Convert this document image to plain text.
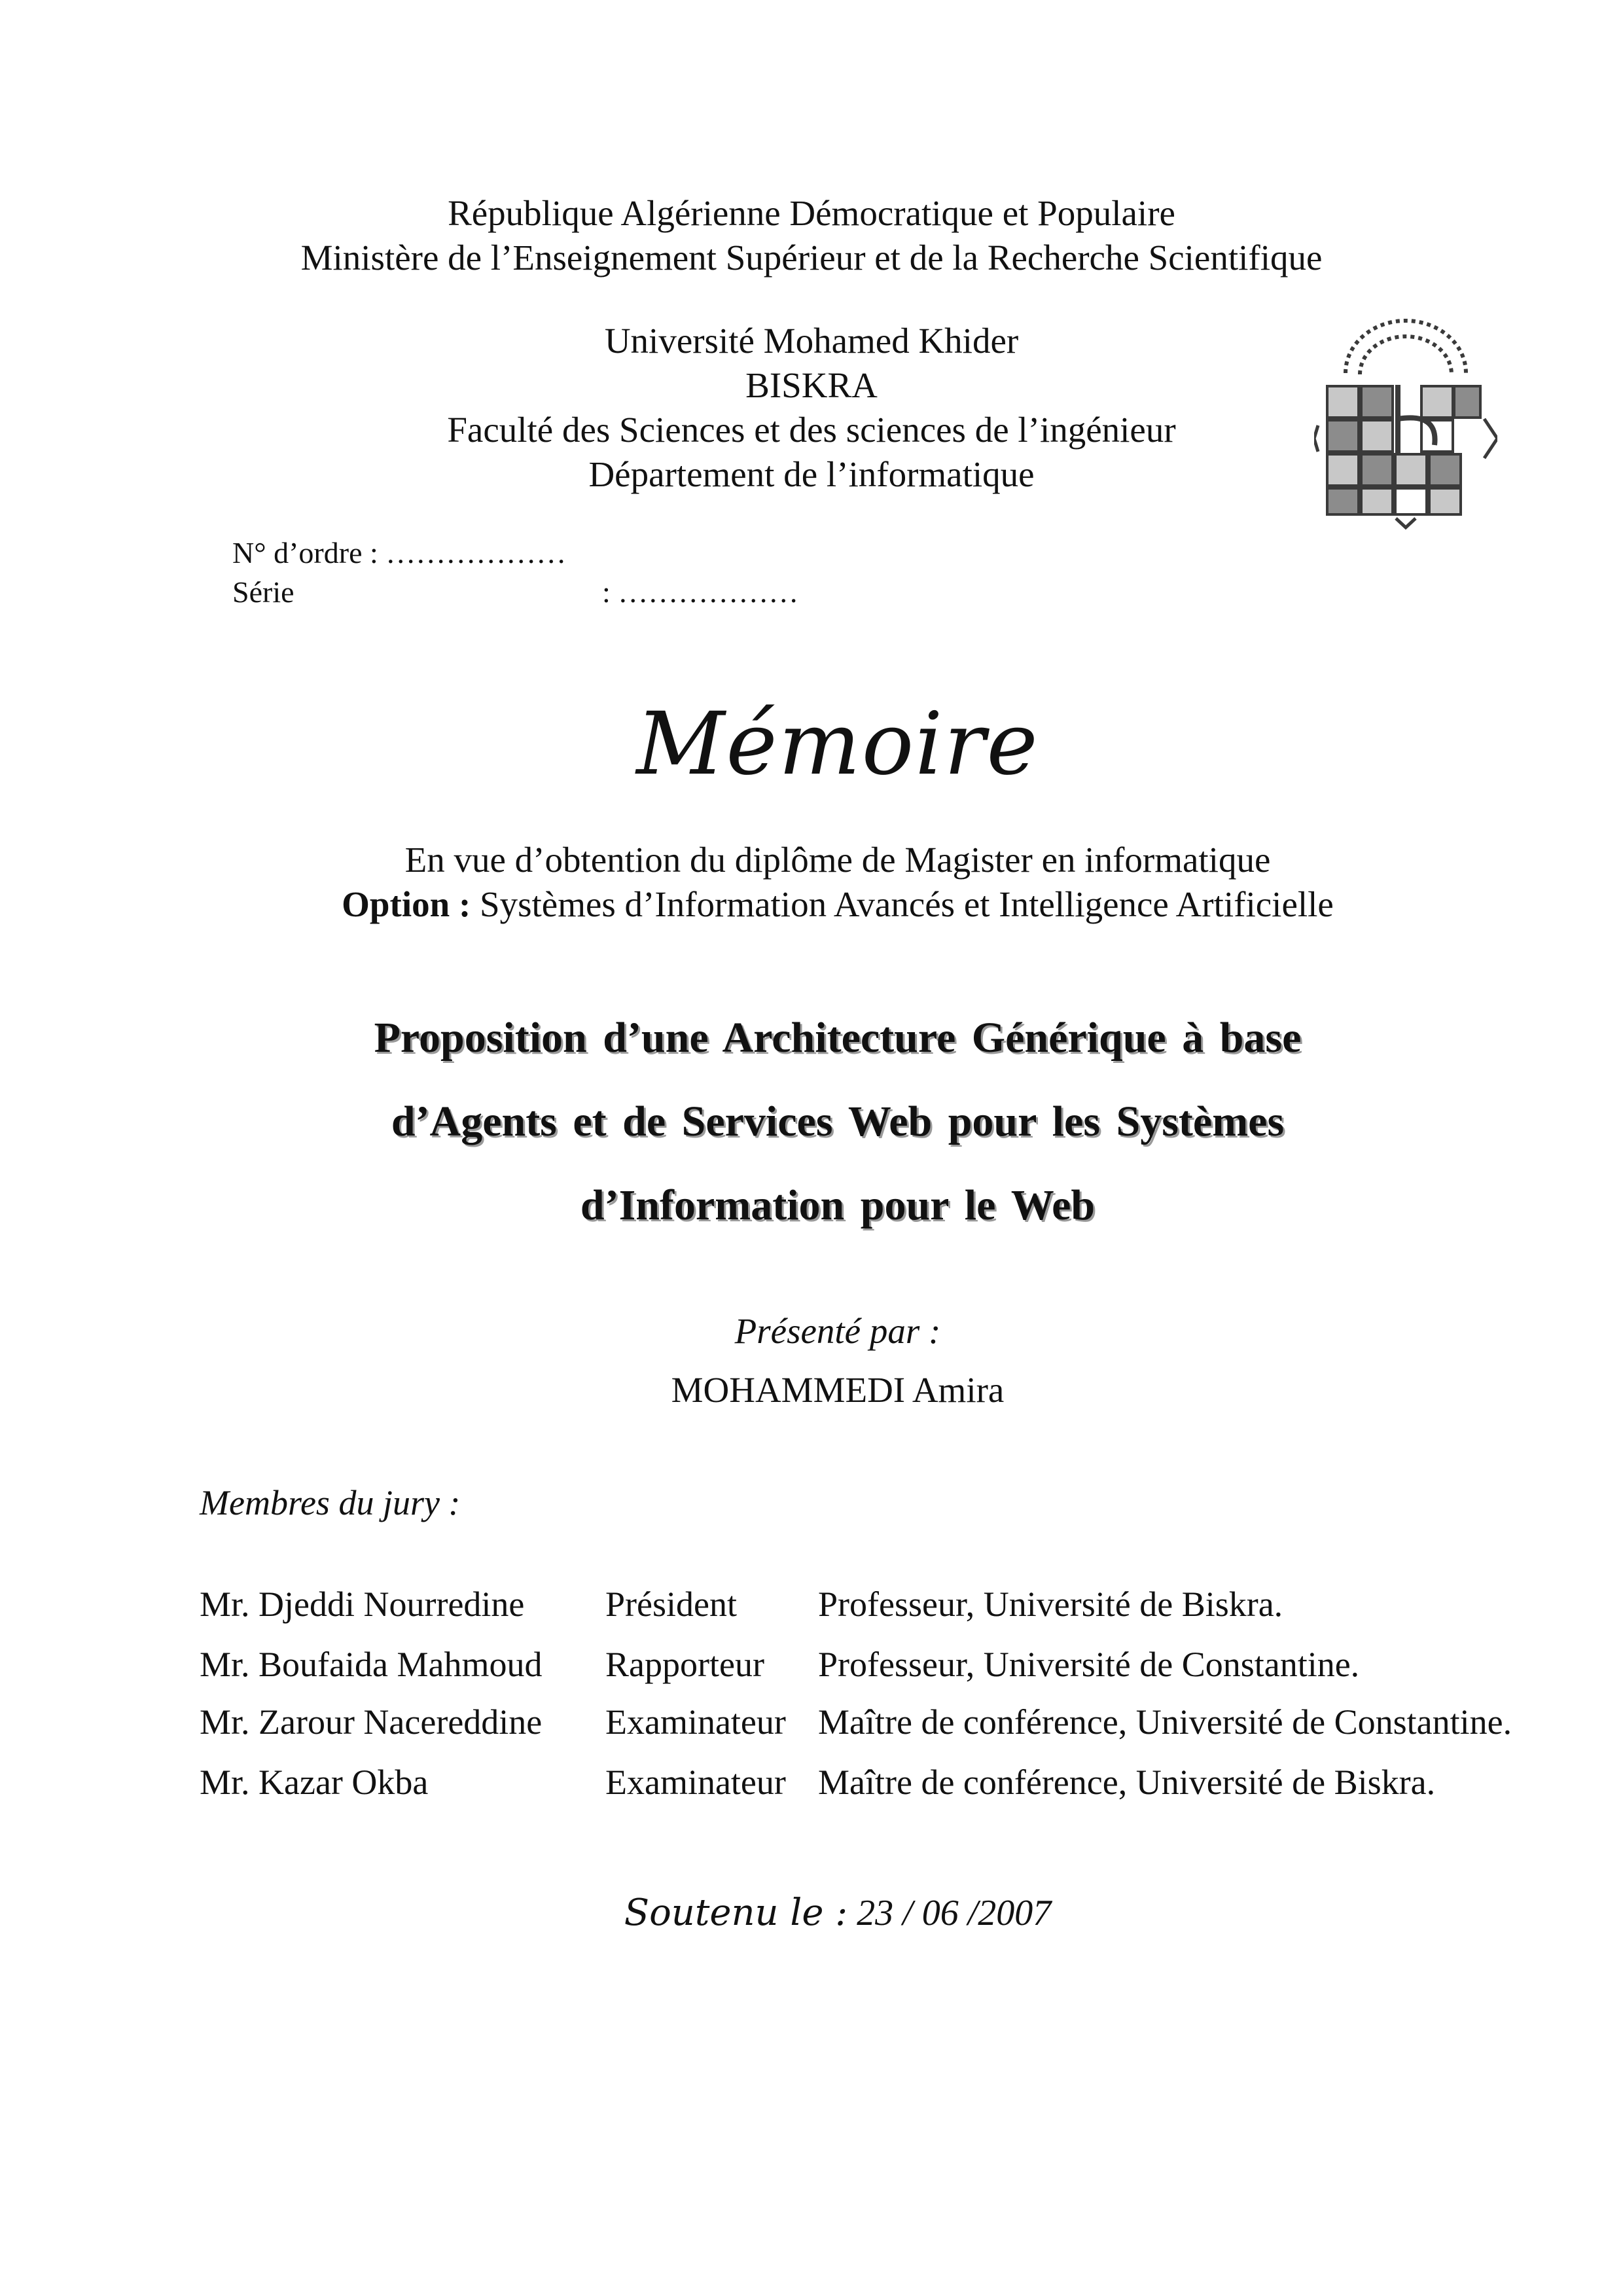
République Algérienne Démocratique et Populaire
Ministère de l’Enseignement Supérieur et de la Recherche Scientifique
Université Mohamed Khider
BISKRA
Faculté des Sciences et des sciences de l’ingénieur
Département de l’informatique
N° d’ordre : ………………
Série	: ………………
Mémoire
En vue d’obtention du diplôme de Magister en informatique
Option : Systèmes d’Information Avancés et Intelligence Artificielle
Proposition d’une Architecture Générique à base
d’Agents et de Services Web pour les Systèmes
d’Information pour le Web
Présenté par :
MOHAMMEDI Amira
Membres du jury :
Mr. Djeddi Nourredine Président Professeur, Université de Biskra.
Mr. Boufaida Mahmoud Rapporteur Professeur, Université de Constantine.
Mr. Zarour Nacereddine Examinateur Maître de conférence, Université de Constantine.
Mr. Kazar Okba	Examinateur Maître de conférence, Université de Biskra.
Soutenu le : 23 / 06 /2007
